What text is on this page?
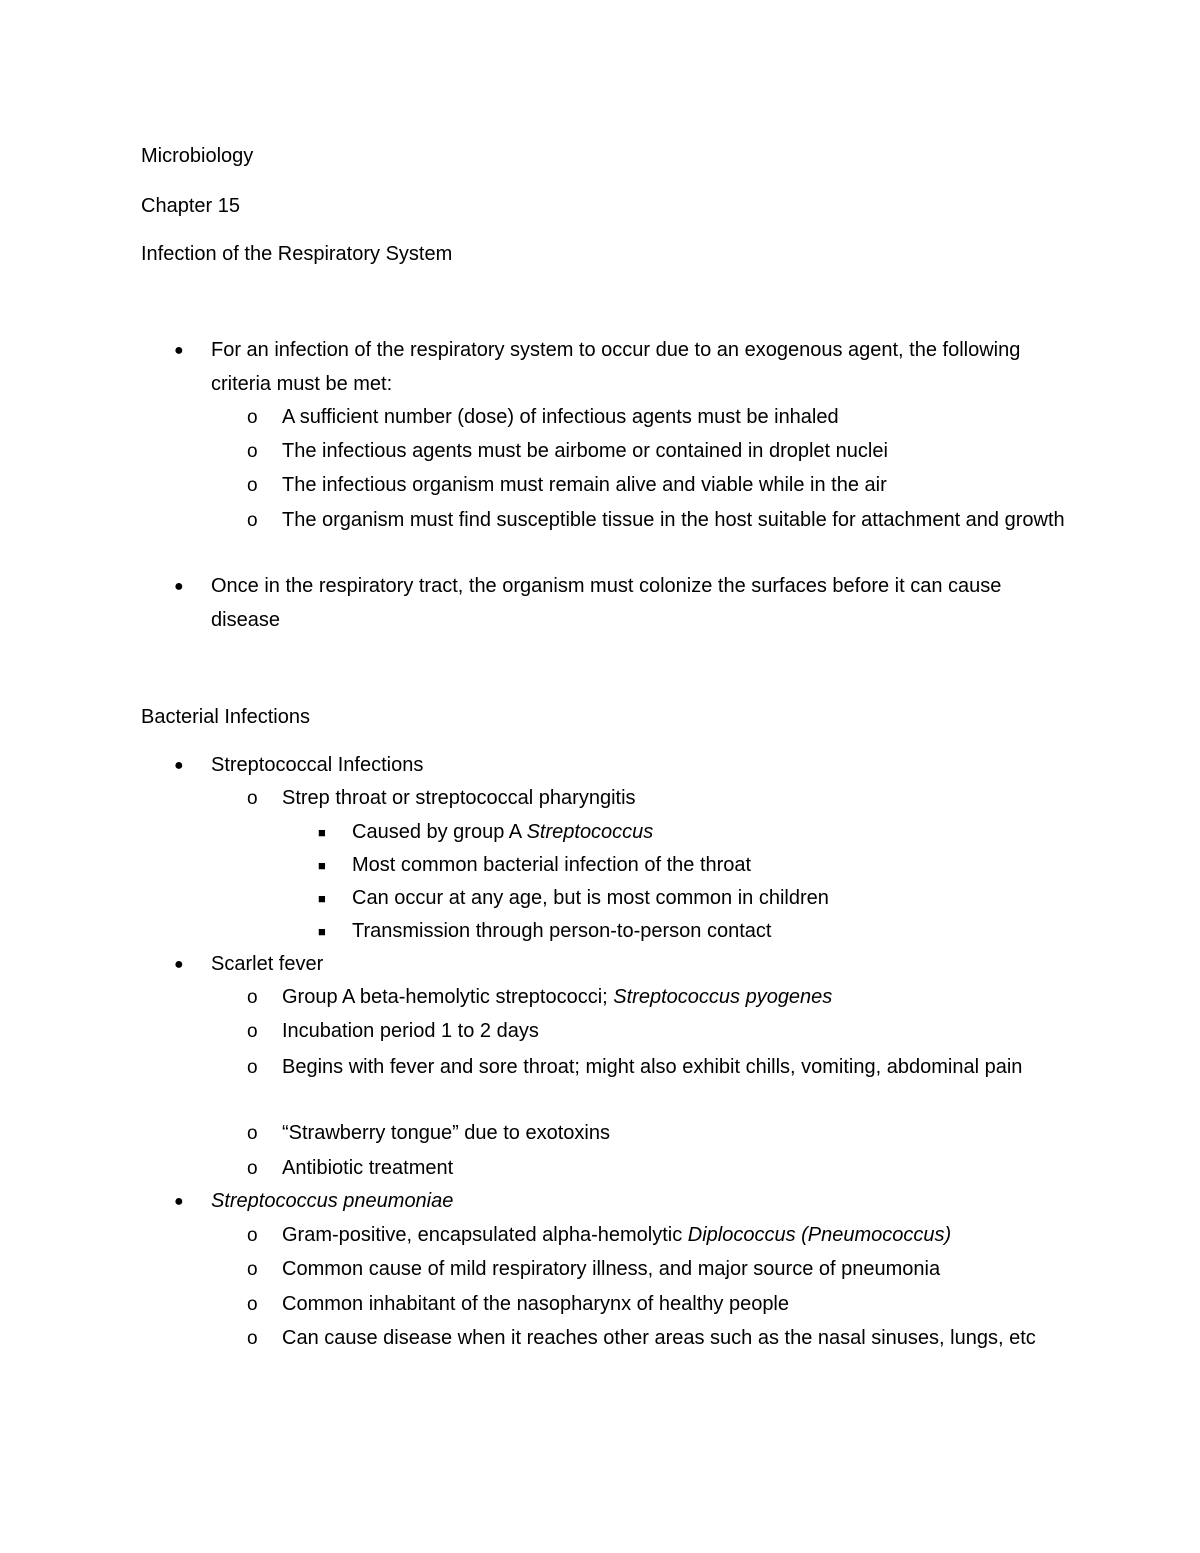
Microbiology

Chapter 15

Infection of the Respiratory System

● For an infection of the respiratory system to occur due to an exogenous agent, the following criteria must be met:
o A sufficient number (dose) of infectious agents must be inhaled
o The infectious agents must be airbome or contained in droplet nuclei
o The infectious organism must remain alive and viable while in the air
o The organism must find susceptible tissue in the host suitable for attachment and growth
● Once in the respiratory tract, the organism must colonize the surfaces before it can cause disease

Bacterial Infections

● Streptococcal Infections
o Strep throat or streptococcal pharyngitis
■ Caused by group A Streptococcus
■ Most common bacterial infection of the throat
■ Can occur at any age, but is most common in children
■ Transmission through person-to-person contact
● Scarlet fever
o Group A beta-hemolytic streptococci; Streptococcus pyogenes
o Incubation period 1 to 2 days
o Begins with fever and sore throat; might also exhibit chills, vomiting, abdominal pain
o “Strawberry tongue” due to exotoxins
o Antibiotic treatment
● Streptococcus pneumoniae
o Gram-positive, encapsulated alpha-hemolytic Diplococcus (Pneumococcus)
o Common cause of mild respiratory illness, and major source of pneumonia
o Common inhabitant of the nasopharynx of healthy people
o Can cause disease when it reaches other areas such as the nasal sinuses, lungs, etc
